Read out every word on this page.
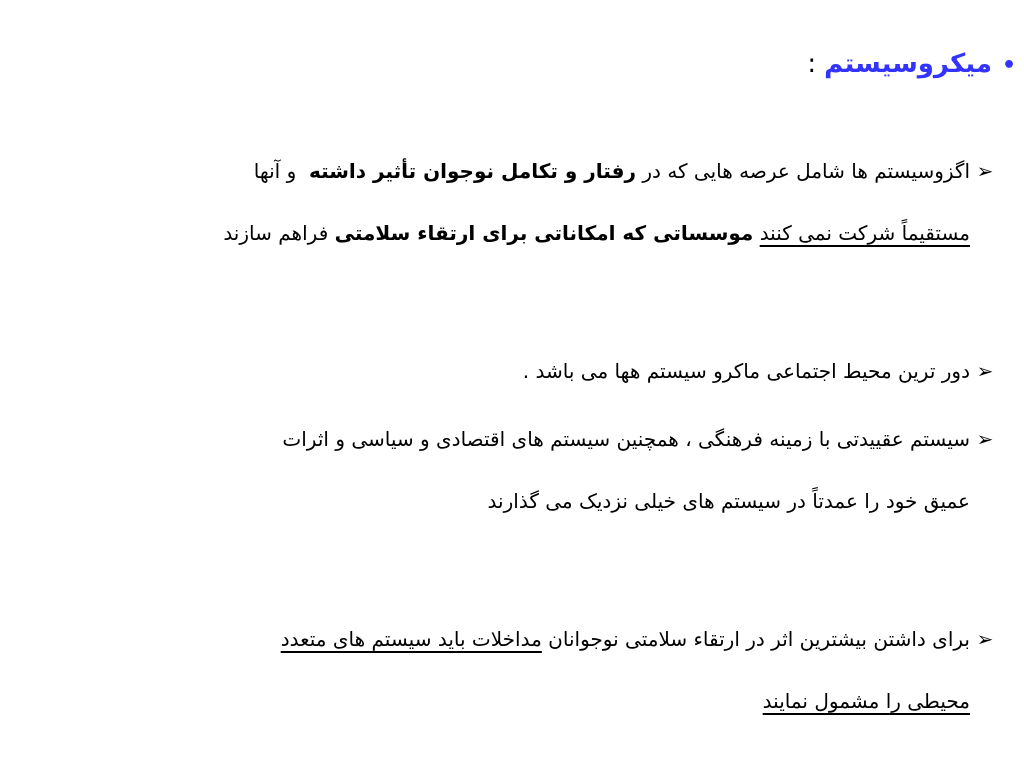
•میکروسیستم:
➢
اگزوسیستم ها شامل عرصه هایی که در

رفتار و تکامل نوجوان تأثیر داشته

و آنها
مستقیماً شرکت نمی کنند

موسساتی که امکاناتی برای ارتقاء سلامتی

فراهم سازند
➢
دور ترین محیط اجتماعی ماکرو سیستم هها می باشد .
➢
سیستم عقییدتی با زمینه فرهنگی ، همچنین سیستم های اقتصادی و سیاسی و اثرات
عمیق خود را عمدتاً در سیستم های خیلی نزدیک می گذارند
➢
برای داشتن بیشترین اثر در ارتقاء سلامتی نوجوانان

مداخلات باید سیستم های متعدد
محیطی را مشمول نمایند
